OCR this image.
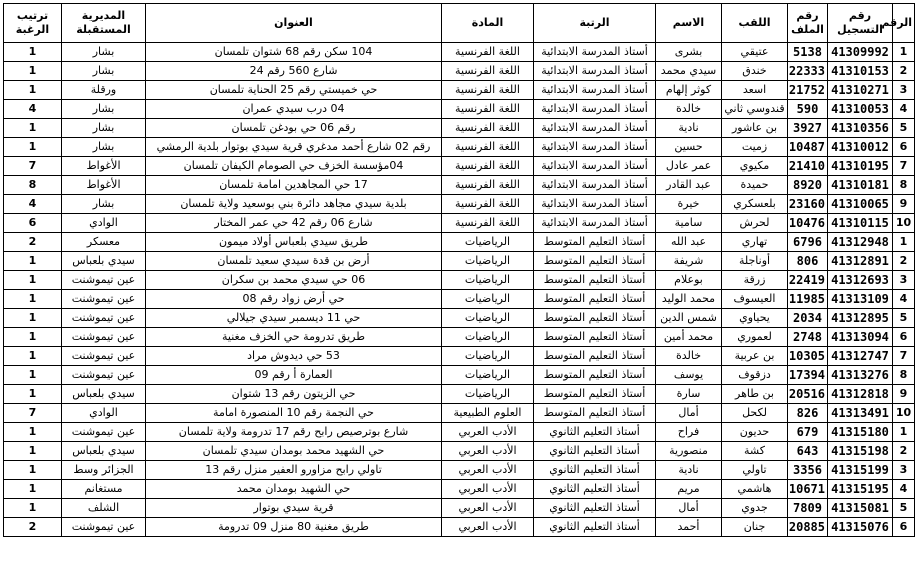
الرقم	رقم التسجيل	رقم الملف	اللقب	الاسم	الرتبة	المادة	العنوان	المديرية المستقبلة	ترتيب الرغبة
1	41309992	5138	عتيقي	بشرى	أستاذ المدرسة الابتدائية	اللغة الفرنسية	104 سكن رقم 68 شتوان تلمسان	بشار	1
2	41310153	22333	خندق	سيدي محمد	أستاذ المدرسة الابتدائية	اللغة الفرنسية	شارع 560 رقم 24	بشار	1
3	41310271	21752	اسعد	كوثر إلهام	أستاذ المدرسة الابتدائية	اللغة الفرنسية	حي خميستي رقم 25 الحناية تلمسان	ورقلة	1
4	41310053	590	قندوسي ثاني	خالدة	أستاذ المدرسة الابتدائية	اللغة الفرنسية	04 درب سيدي عمران	بشار	4
5	41310356	3927	بن عاشور	نادية	أستاذ المدرسة الابتدائية	اللغة الفرنسية	رقم 06 حي بودغن تلمسان	بشار	1
6	41310012	10487	زميت	حسين	أستاذ المدرسة الابتدائية	اللغة الفرنسية	رقم 02 شارع أحمد مدغري قرية سيدي بوتوار بلدية الرمشي	بشار	1
7	41310195	21410	مكيوي	عمر عادل	أستاذ المدرسة الابتدائية	اللغة الفرنسية	04مؤسسة الخزف حي الصومام الكيفان تلمسان	الأغواط	7
8	41310181	8920	حميدة	عبد القادر	أستاذ المدرسة الابتدائية	اللغة الفرنسية	17 حي المجاهدين امامة تلمسان	الأغواط	8
9	41310065	23160	بلعسكري	خيرة	أستاذ المدرسة الابتدائية	اللغة الفرنسية	بلدية سيدي مجاهد دائرة بني بوسعيد ولاية تلمسان	بشار	4
10	41310115	10476	لحرش	سامية	أستاذ المدرسة الابتدائية	اللغة الفرنسية	شارع 06 رقم 42 حي عمر المختار	الوادي	6
1	41312948	6796	تهاري	عبد الله	أستاذ التعليم المتوسط	الرياضيات	طريق سيدي بلعباس أولاد ميمون	معسكر	2
2	41312891	806	أوناجلة	شريفة	أستاذ التعليم المتوسط	الرياضيات	أرض بن قدة سيدي سعيد تلمسان	سيدي بلعباس	1
3	41312693	22419	زرقة	بوعلام	أستاذ التعليم المتوسط	الرياضيات	06 حي سيدي محمد بن سكران	عين تيموشنت	1
4	41313109	11985	العيسوف	محمد الوليد	أستاذ التعليم المتوسط	الرياضيات	حي أرض زواد رقم 08	عين تيموشنت	1
5	41312895	2034	يحياوي	شمس الدين	أستاذ التعليم المتوسط	الرياضيات	حي 11 ديسمبر سيدي جيلالي	عين تيموشنت	1
6	41313094	2748	لعموري	محمد أمين	أستاذ التعليم المتوسط	الرياضيات	طريق تدرومة حي الخزف مغنية	عين تيموشنت	1
7	41312747	10305	بن عربية	خالدة	أستاذ التعليم المتوسط	الرياضيات	53 حي ديدوش مراد	عين تيموشنت	1
8	41313276	17394	دزقوف	يوسف	أستاذ التعليم المتوسط	الرياضيات	العمارة أ رقم 09	عين تيموشنت	1
9	41312818	20516	بن طاهر	سارة	أستاذ التعليم المتوسط	الرياضيات	حي الزيتون رقم 13 شتوان	سيدي بلعباس	1
10	41313491	826	لكحل	أمال	أستاذ التعليم المتوسط	العلوم الطبيعية	حي النجمة رقم 10 المنصورة امامة	الوادي	7
1	41315180	679	حديون	فراح	أستاذ التعليم الثانوي	الأدب العربي	شارع بوترصيص رابح رقم 17 تدرومة ولاية تلمسان	عين تيموشنت	1
2	41315198	643	كشة	منصورية	أستاذ التعليم الثانوي	الأدب العربي	حي الشهيد محمد بومدان سيدي تلمسان	سيدي بلعباس	1
3	41315199	3356	تاولي	نادية	أستاذ التعليم الثانوي	الأدب العربي	تاولي رابح مزاورو العفير منزل رقم 13	الجزائر وسط	1
4	41315195	10671	هاشمي	مريم	أستاذ التعليم الثانوي	الأدب العربي	حي الشهيد بومدان محمد	مستغانم	1
5	41315081	7809	جدوي	أمال	أستاذ التعليم الثانوي	الأدب العربي	قرية سيدي بوتوار	الشلف	1
6	41315076	20885	جنان	أحمد	أستاذ التعليم الثانوي	الأدب العربي	طريق مغنية 80 منزل 09 تدرومة	عين تيموشنت	2
